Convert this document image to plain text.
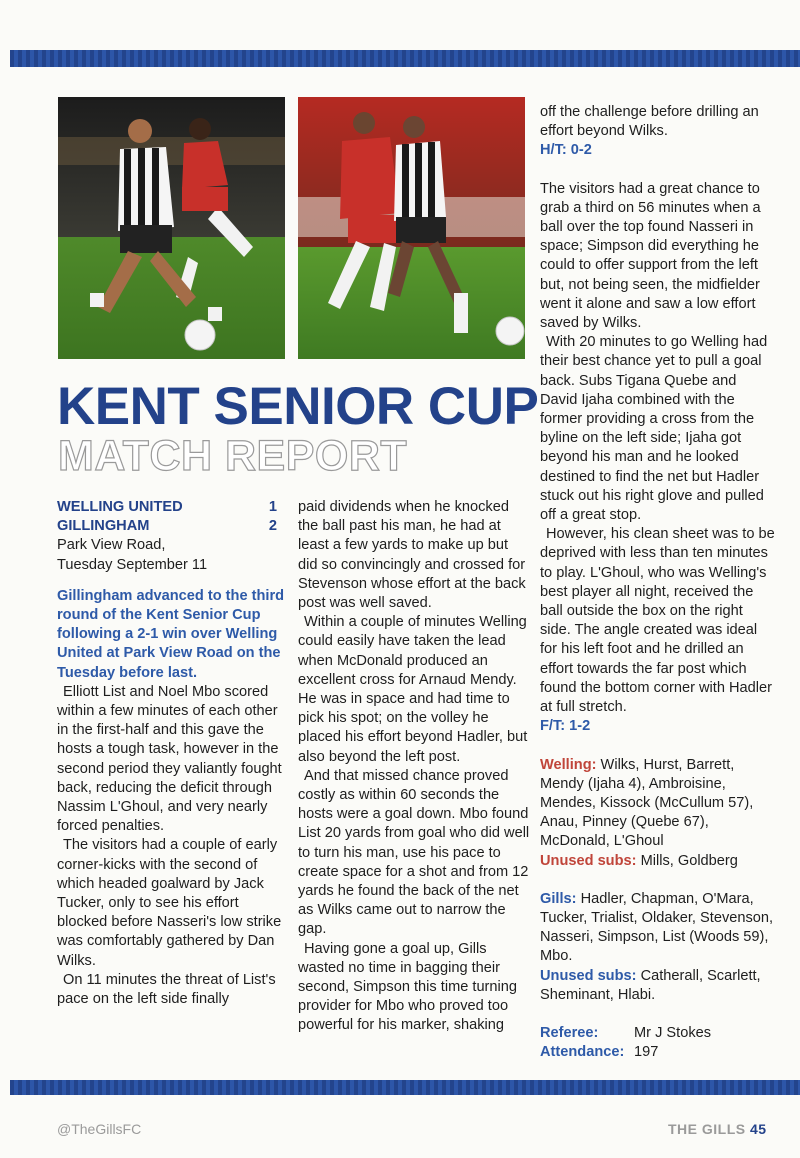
KENT SENIOR CUP
MATCH REPORT
WELLING UNITED	1
GILLINGHAM	2

Park View Road,

Tuesday September 11

Gillingham advanced to the third round of the Kent Senior Cup following a 2-1 win over Welling United at Park View Road on the Tuesday before last.

Elliott List and Noel Mbo scored within a few minutes of each other in the first-half and this gave the hosts a tough task, however in the second period they valiantly fought back, reducing the deficit through Nassim L'Ghoul, and very nearly forced penalties.

The visitors had a couple of early corner-kicks with the second of which headed goalward by Jack Tucker, only to see his effort blocked before Nasseri's low strike was comfortably gathered by Dan Wilks.

On 11 minutes the threat of List's pace on the left side finally

paid dividends when he knocked the ball past his man, he had at least a few yards to make up but did so convincingly and crossed for Stevenson whose effort at the back post was well saved.

Within a couple of minutes Welling could easily have taken the lead when McDonald produced an excellent cross for Arnaud Mendy. He was in space and had time to pick his spot; on the volley he placed his effort beyond Hadler, but also beyond the left post.

And that missed chance proved costly as within 60 seconds the hosts were a goal down. Mbo found List 20 yards from goal who did well to turn his man, use his pace to create space for a shot and from 12 yards he found the back of the net as Wilks came out to narrow the gap.

Having gone a goal up, Gills wasted no time in bagging their second, Simpson this time turning provider for Mbo who proved too powerful for his marker, shaking

off the challenge before drilling an effort beyond Wilks.

H/T: 0-2

The visitors had a great chance to grab a third on 56 minutes when a ball over the top found Nasseri in space; Simpson did everything he could to offer support from the left but, not being seen, the midfielder went it alone and saw a low effort saved by Wilks.

With 20 minutes to go Welling had their best chance yet to pull a goal back. Subs Tigana Quebe and David Ijaha combined with the former providing a cross from the byline on the left side; Ijaha got beyond his man and he looked destined to find the net but Hadler stuck out his right glove and pulled off a great stop.

However, his clean sheet was to be deprived with less than ten minutes to play. L'Ghoul, who was Welling's best player all night, received the ball outside the box on the right side. The angle created was ideal for his left foot and he drilled an effort towards the far post which found the bottom corner with Hadler at full stretch.

F/T: 1-2

Welling: Wilks, Hurst, Barrett, Mendy (Ijaha 4), Ambroisine, Mendes, Kissock (McCullum 57), Anau, Pinney (Quebe 67), McDonald, L'Ghoul

Unused subs: Mills, Goldberg

Gills: Hadler, Chapman, O'Mara, Tucker, Trialist, Oldaker, Stevenson, Nasseri, Simpson, List (Woods 59), Mbo.

Unused subs: Catherall, Scarlett, Sheminant, Hlabi.

Referee:	Mr J Stokes
Attendance: 197
@TheGillsFC	THE GILLS 45
